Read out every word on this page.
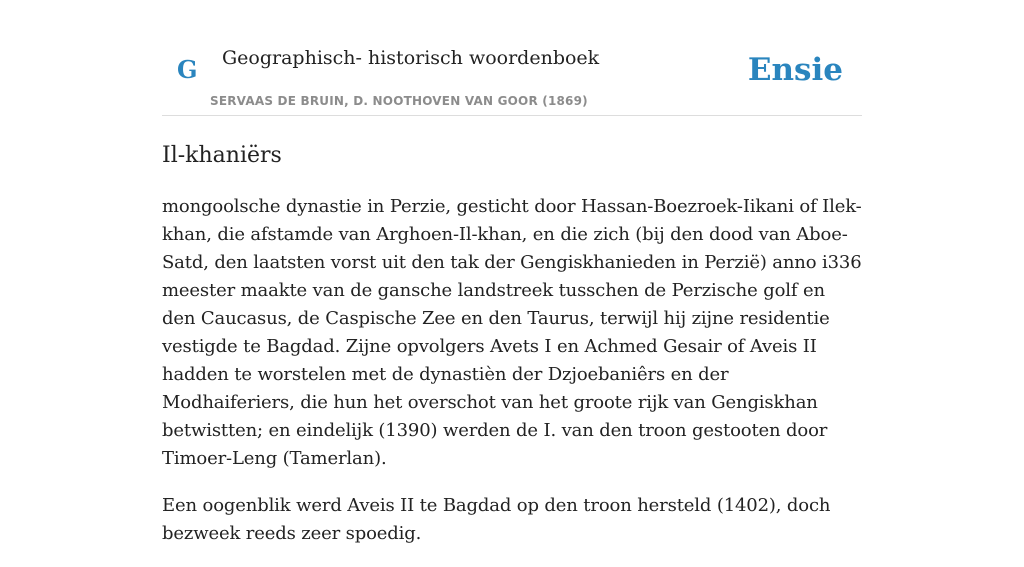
G Geographisch- historisch woordenboek
SERVAAS DE BRUIN, D. NOOTHOVEN VAN GOOR (1869)
Ensie
Il-khaniërs

mongoolsche dynastie in Perzie, gesticht door Hassan-Boezroek-Iikani of Ilek-khan, die afstamde van Arghoen-Il-khan, en die zich (bij den dood van Aboe-Satd, den laatsten vorst uit den tak der Gengiskhanieden in Perzië) anno i336 meester maakte van de gansche landstreek tusschen de Perzische golf en den Caucasus, de Caspische Zee en den Taurus, terwijl hij zijne residentie vestigde te Bagdad. Zijne opvolgers Avets I en Achmed Gesair of Aveis II hadden te worstelen met de dynastièn der Dzjoebaniêrs en der Modhaiferiers, die hun het overschot van het groote rijk van Gengiskhan betwistten; en eindelijk (1390) werden de I. van den troon gestooten door Timoer-Leng (Tamerlan).

Een oogenblik werd Aveis II te Bagdad op den troon hersteld (1402), doch bezweek reeds zeer spoedig.
